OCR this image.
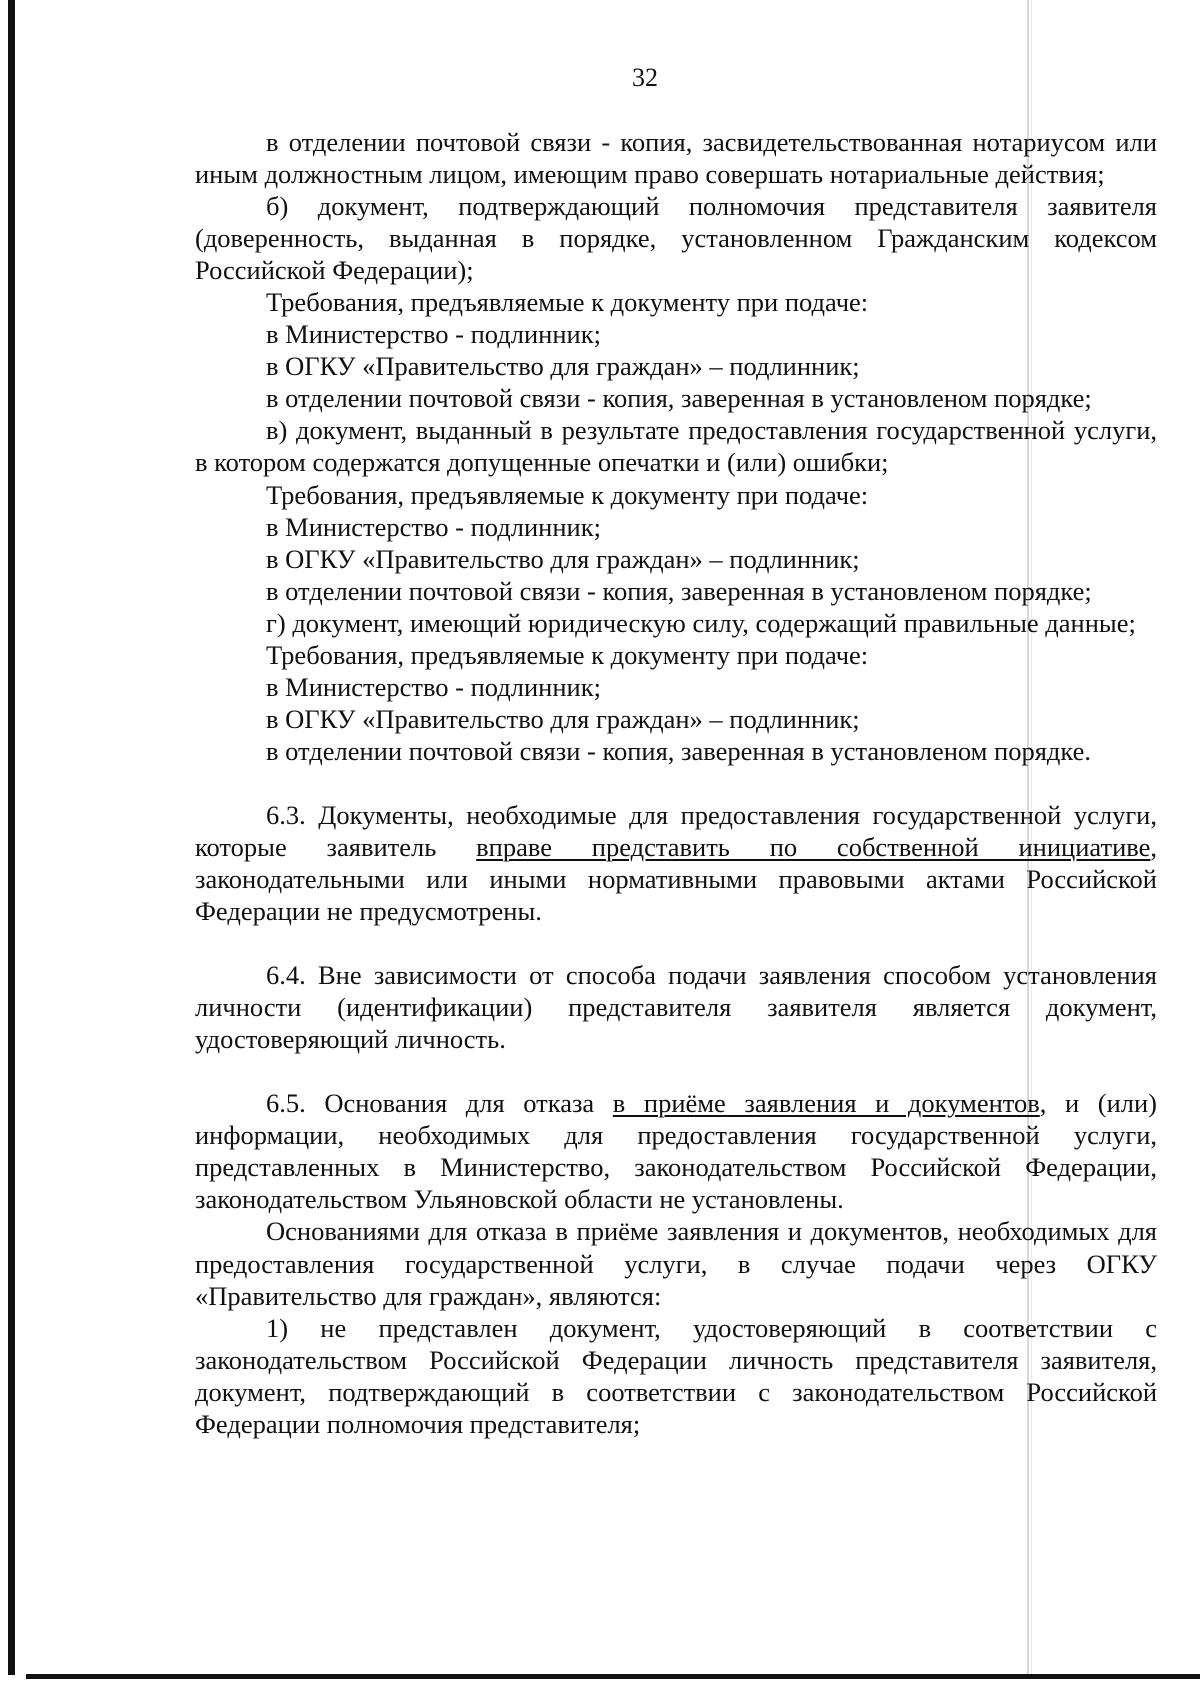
32

в отделении почтовой связи - копия, засвидетельствованная нотариусом или иным должностным лицом, имеющим право совершать нотариальные действия;

б) документ, подтверждающий полномочия представителя заявителя (доверенность, выданная в порядке, установленном Гражданским кодексом Российской Федерации);

Требования, предъявляемые к документу при подаче:

в Министерство - подлинник;

в ОГКУ «Правительство для граждан» – подлинник;

в отделении почтовой связи - копия, заверенная в установленом порядке;

в) документ, выданный в результате предоставления государственной услуги, в котором содержатся допущенные опечатки и (или) ошибки;

Требования, предъявляемые к документу при подаче:

в Министерство - подлинник;

в ОГКУ «Правительство для граждан» – подлинник;

в отделении почтовой связи - копия, заверенная в установленом порядке;

г) документ, имеющий юридическую силу, содержащий правильные данные;

Требования, предъявляемые к документу при подаче:

в Министерство - подлинник;

в ОГКУ «Правительство для граждан» – подлинник;

в отделении почтовой связи - копия, заверенная в установленом порядке.

6.3. Документы, необходимые для предоставления государственной услуги, которые заявитель вправе представить по собственной инициативе, законодательными или иными нормативными правовыми актами Российской Федерации не предусмотрены.

6.4. Вне зависимости от способа подачи заявления способом установления личности (идентификации) представителя заявителя является документ, удостоверяющий личность.

6.5. Основания для отказа в приёме заявления и документов, и (или) информации, необходимых для предоставления государственной услуги, представленных в Министерство, законодательством Российской Федерации, законодательством Ульяновской области не установлены.

Основаниями для отказа в приёме заявления и документов, необходимых для предоставления государственной услуги, в случае подачи через ОГКУ «Правительство для граждан», являются:

1) не представлен документ, удостоверяющий в соответствии с законодательством Российской Федерации личность представителя заявителя, документ, подтверждающий в соответствии с законодательством Российской Федерации полномочия представителя;
